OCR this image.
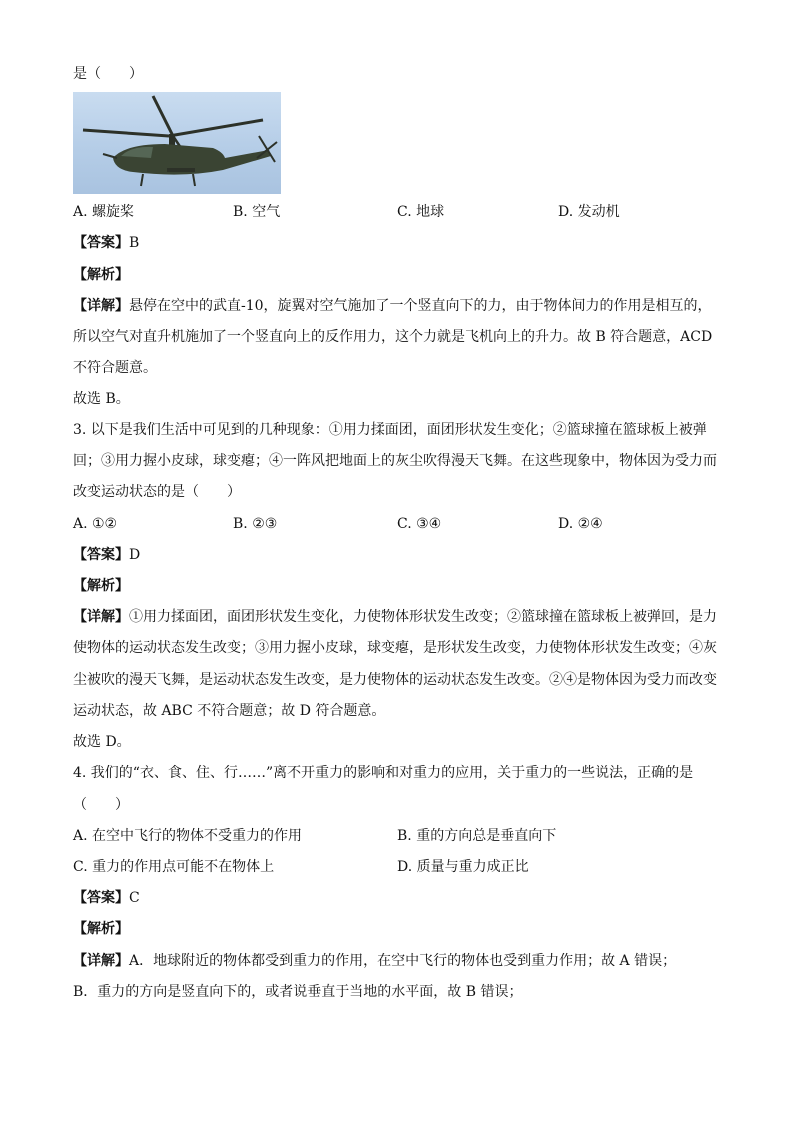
是（　　）
A. 螺旋桨	B. 空气	C. 地球	D. 发动机
【答案】B
【解析】
【详解】悬停在空中的武直-10，旋翼对空气施加了一个竖直向下的力，由于物体间力的作用是相互的，
所以空气对直升机施加了一个竖直向上的反作用力，这个力就是飞机向上的升力。故 B 符合题意，ACD
不符合题意。
故选 B。
3. 以下是我们生活中可见到的几种现象：①用力揉面团，面团形状发生变化；②篮球撞在篮球板上被弹
回；③用力握小皮球，球变瘪；④一阵风把地面上的灰尘吹得漫天飞舞。在这些现象中，物体因为受力而
改变运动状态的是（　　）
A. ①②	B. ②③	C. ③④	D. ②④
【答案】D
【解析】
【详解】①用力揉面团，面团形状发生变化，力使物体形状发生改变；②篮球撞在篮球板上被弹回，是力
使物体的运动状态发生改变；③用力握小皮球，球变瘪，是形状发生改变，力使物体形状发生改变；④灰
尘被吹的漫天飞舞，是运动状态发生改变，是力使物体的运动状态发生改变。②④是物体因为受力而改变
运动状态，故 ABC 不符合题意；故 D 符合题意。
故选 D。
4. 我们的“衣、食、住、行……”离不开重力的影响和对重力的应用，关于重力的一些说法，正确的是
（　　）
A. 在空中飞行的物体不受重力的作用	B. 重的方向总是垂直向下
C. 重力的作用点可能不在物体上	D. 质量与重力成正比
【答案】C
【解析】
【详解】A．地球附近的物体都受到重力的作用，在空中飞行的物体也受到重力作用；故 A 错误；
B．重力的方向是竖直向下的，或者说垂直于当地的水平面，故 B 错误；
